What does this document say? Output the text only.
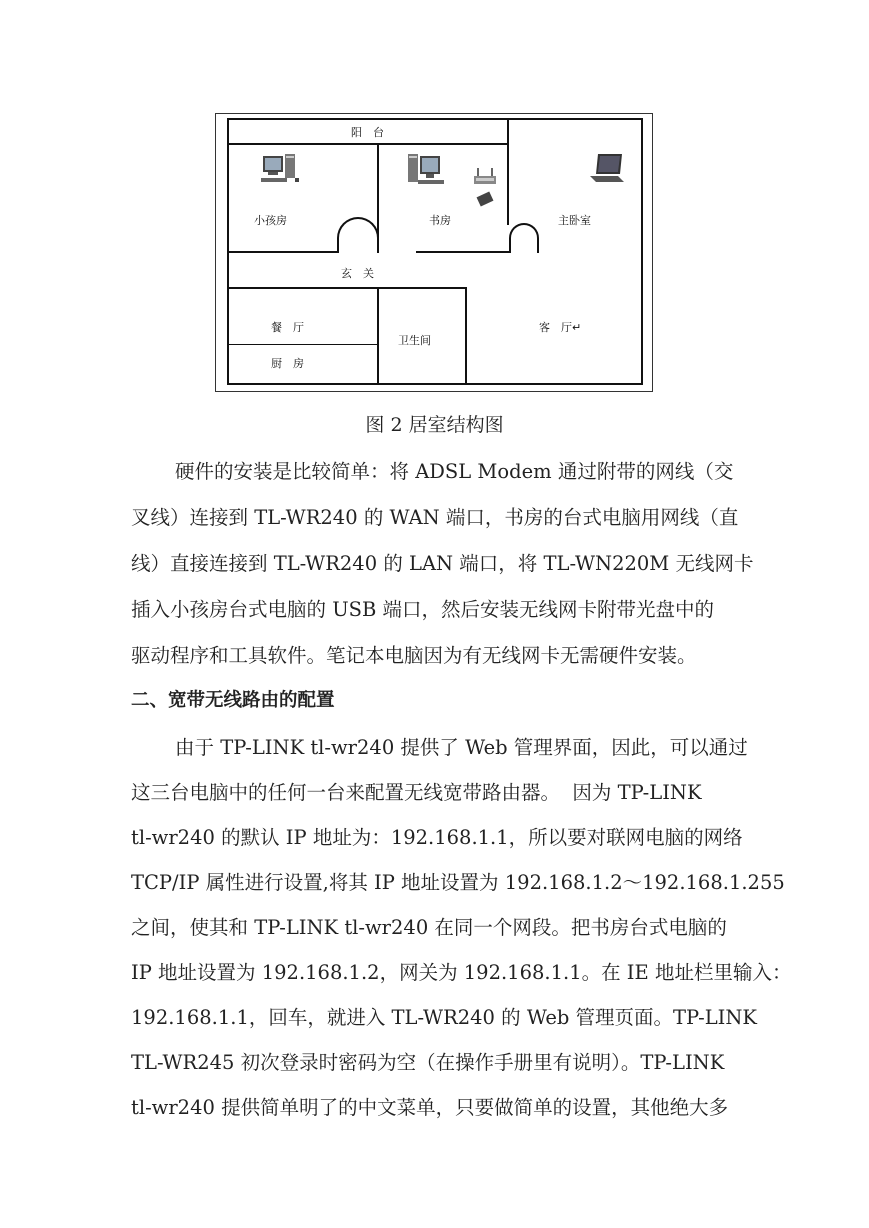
阳　台
小孩房	书房	主卧室
玄　关
餐　厅
厨　房
卫生间
客　厅↵
图 2 居室结构图
硬件的安装是比较简单：将 ADSL Modem 通过附带的网线（交
叉线）连接到 TL-WR240 的 WAN 端口，书房的台式电脑用网线（直
线）直接连接到 TL-WR240 的 LAN 端口，将 TL-WN220M 无线网卡
插入小孩房台式电脑的 USB 端口，然后安装无线网卡附带光盘中的
驱动程序和工具软件。笔记本电脑因为有无线网卡无需硬件安装。
二、宽带无线路由的配置
由于 TP-LINK tl-wr240 提供了 Web 管理界面，因此，可以通过
这三台电脑中的任何一台来配置无线宽带路由器。  因为 TP-LINK
tl-wr240 的默认 IP 地址为：192.168.1.1，所以要对联网电脑的网络
TCP/IP 属性进行设置,将其 IP 地址设置为 192.168.1.2～192.168.1.255
之间，使其和 TP-LINK tl-wr240 在同一个网段。把书房台式电脑的
IP 地址设置为 192.168.1.2，网关为 192.168.1.1。在 IE 地址栏里输入：
192.168.1.1，回车，就进入 TL-WR240 的 Web 管理页面。TP-LINK
TL-WR245 初次登录时密码为空（在操作手册里有说明）。TP-LINK
tl-wr240 提供简单明了的中文菜单，只要做简单的设置，其他绝大多
